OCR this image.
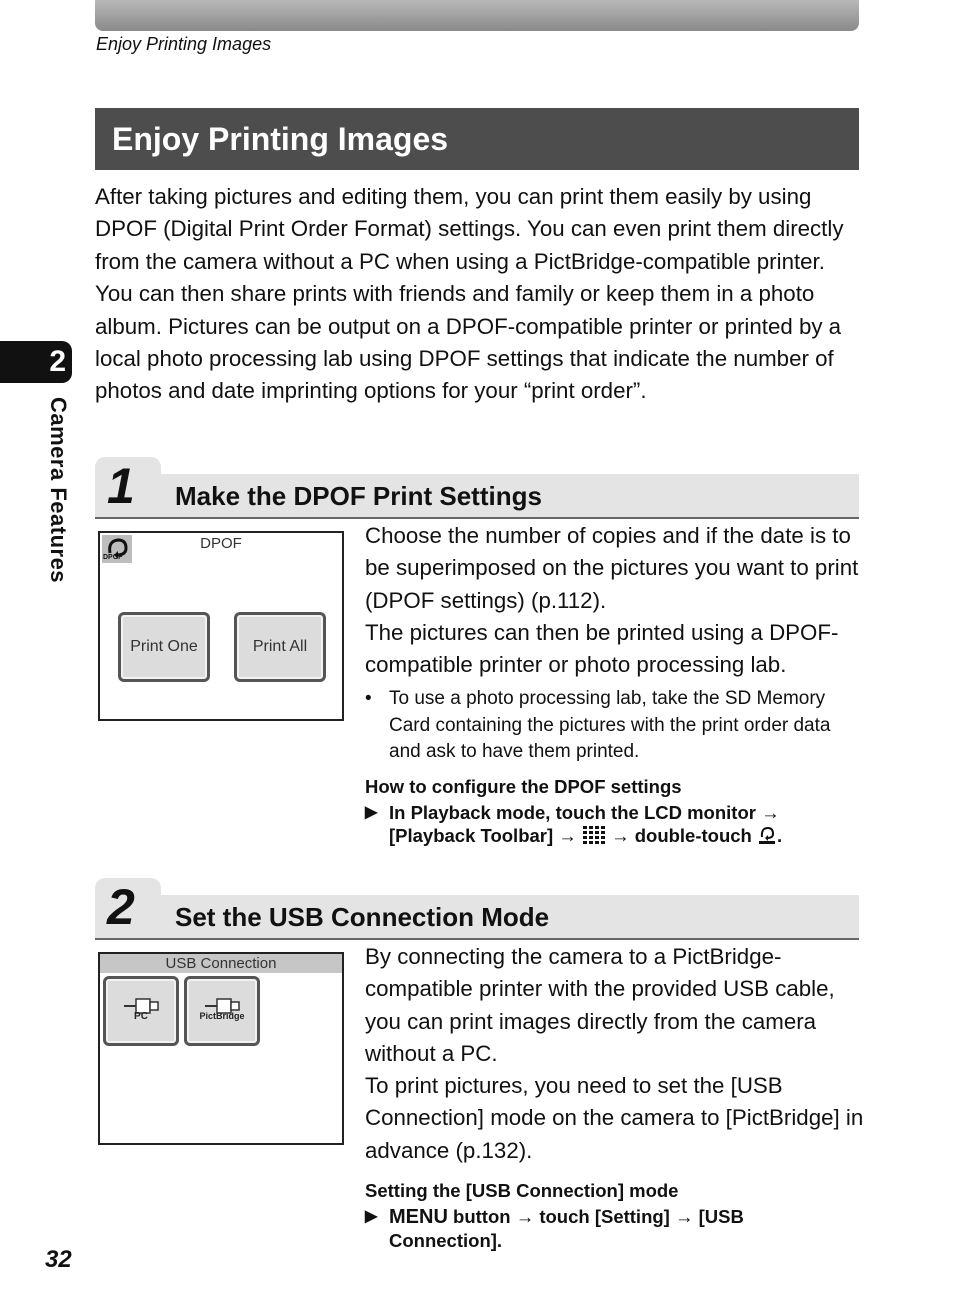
Enjoy Printing Images
Enjoy Printing Images
2
Camera Features

After taking pictures and editing them, you can print them easily by using DPOF (Digital Print Order Format) settings. You can even print them directly from the camera without a PC when using a PictBridge-compatible printer. You can then share prints with friends and family or keep them in a photo album. Pictures can be output on a DPOF-compatible printer or printed by a local photo processing lab using DPOF settings that indicate the number of photos and date imprinting options for your “print order”.

1 Make the DPOF Print Settings
DPOF
DPOF
Print One	Print All

Choose the number of copies and if the date is to be superimposed on the pictures you want to print (DPOF settings) (p.112).

The pictures can then be printed using a DPOF-compatible printer or photo processing lab.

• To use a photo processing lab, take the SD Memory Card containing the pictures with the print order data and ask to have them printed.
How to configure the DPOF settings
▶ In Playback mode, touch the LCD monitor →
[Playback Toolbar] → → double-touch .
2 Set the USB Connection Mode
USB Connection
PC	PictBridge

By connecting the camera to a PictBridge-compatible printer with the provided USB cable, you can print images directly from the camera without a PC.

To print pictures, you need to set the [USB Connection] mode on the camera to [PictBridge] in advance (p.132).

Setting the [USB Connection] mode
▶ MENU button → touch [Setting] → [USB
Connection].
32
